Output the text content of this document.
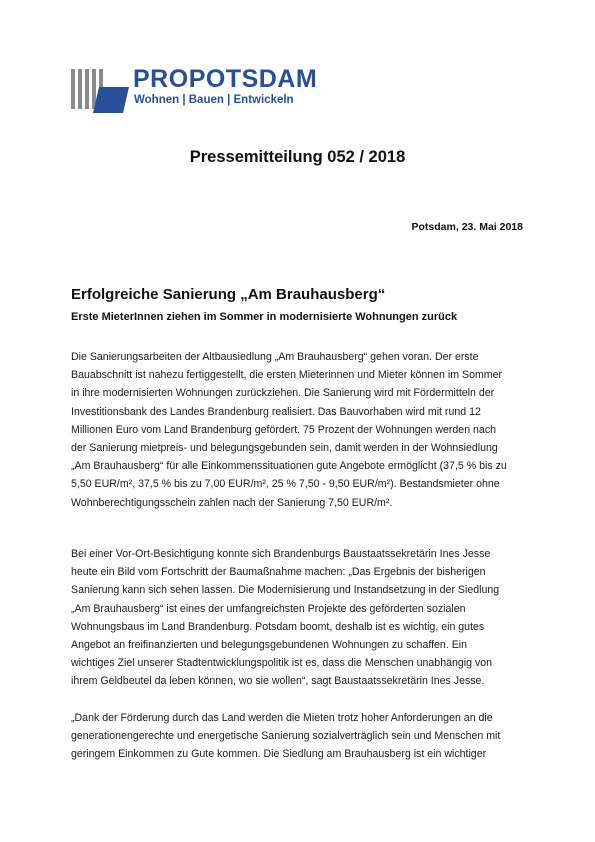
PROPOTSDAM
Wohnen | Bauen | Entwickeln
Pressemitteilung 052 / 2018
Potsdam, 23. Mai 2018
Erfolgreiche Sanierung „Am Brauhausberg“
Erste MieterInnen ziehen im Sommer in modernisierte Wohnungen zurück
Die Sanierungsarbeiten der Altbausiedlung „Am Brauhausberg“ gehen voran. Der erste
Bauabschnitt ist nahezu fertiggestellt, die ersten Mieterinnen und Mieter können im Sommer
in ihre modernisierten Wohnungen zurückziehen. Die Sanierung wird mit Fördermitteln der
Investitionsbank des Landes Brandenburg realisiert. Das Bauvorhaben wird mit rund 12
Millionen Euro vom Land Brandenburg gefördert. 75 Prozent der Wohnungen werden nach
der Sanierung mietpreis- und belegungsgebunden sein, damit werden in der Wohnsiedlung
„Am Brauhausberg“ für alle Einkommenssituationen gute Angebote ermöglicht (37,5 % bis zu
5,50 EUR/m², 37,5 % bis zu 7,00 EUR/m², 25 % 7,50 - 9,50 EUR/m²). Bestandsmieter ohne
Wohnberechtigungsschein zahlen nach der Sanierung 7,50 EUR/m².
Bei einer Vor-Ort-Besichtigung konnte sich Brandenburgs Baustaatssekretärin Ines Jesse
heute ein Bild vom Fortschritt der Baumaßnahme machen: „Das Ergebnis der bisherigen
Sanierung kann sich sehen lassen. Die Modernisierung und Instandsetzung in der Siedlung
„Am Brauhausberg“ ist eines der umfangreichsten Projekte des geförderten sozialen
Wohnungsbaus im Land Brandenburg. Potsdam boomt, deshalb ist es wichtig, ein gutes
Angebot an freifinanzierten und belegungsgebundenen Wohnungen zu schaffen. Ein
wichtiges Ziel unserer Stadtentwicklungspolitik ist es, dass die Menschen unabhängig von
ihrem Geldbeutel da leben können, wo sie wollen“, sagt Baustaatssekretärin Ines Jesse.
„Dank der Förderung durch das Land werden die Mieten trotz hoher Anforderungen an die
generationengerechte und energetische Sanierung sozialverträglich sein und Menschen mit
geringem Einkommen zu Gute kommen. Die Siedlung am Brauhausberg ist ein wichtiger
